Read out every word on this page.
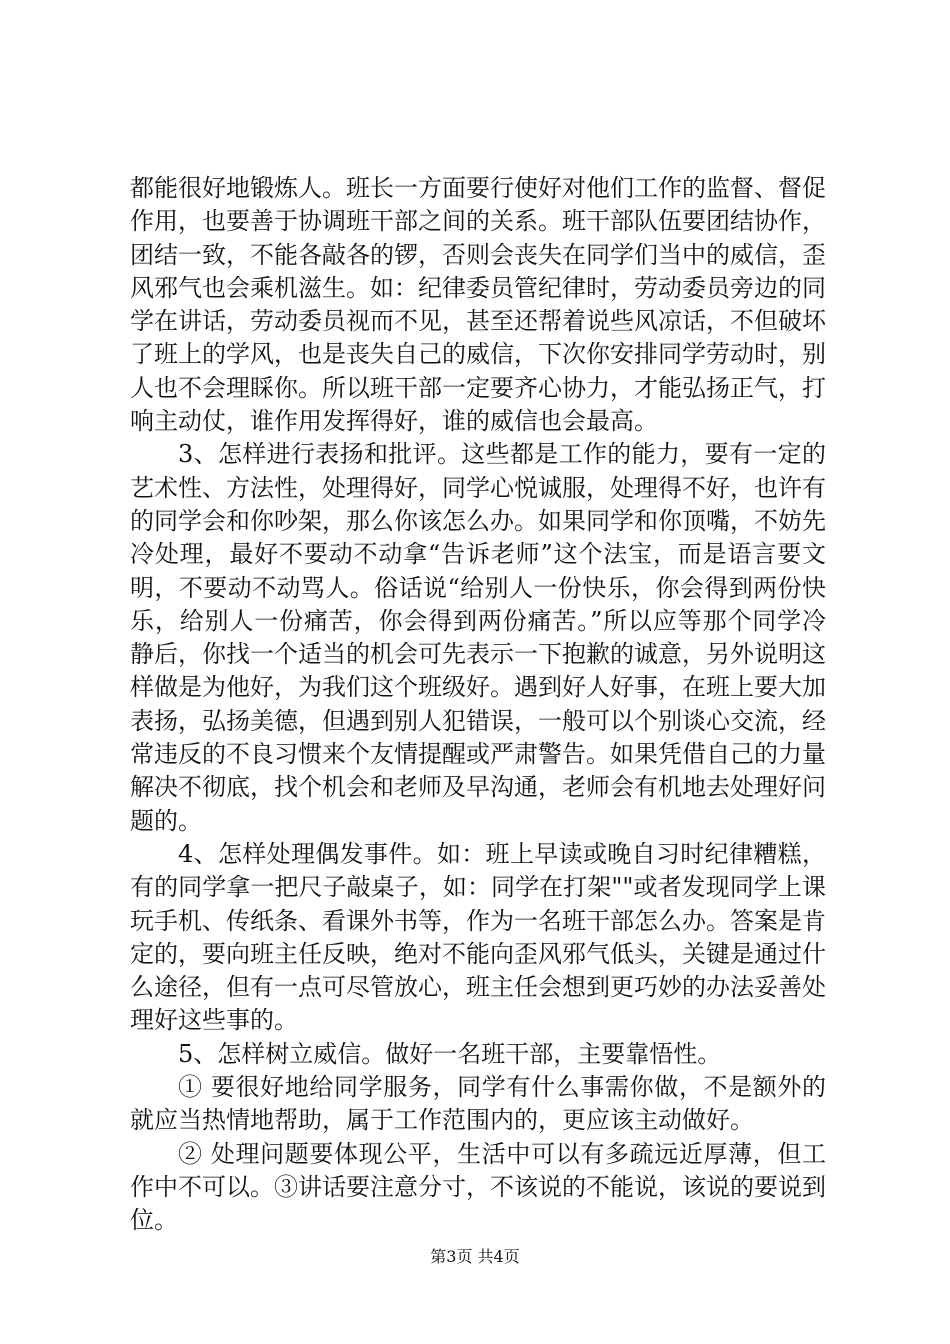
都能很好地锻炼人。班长一方面要行使好对他们工作的监督、督促作用，也要善于协调班干部之间的关系。班干部队伍要团结协作，团结一致，不能各敲各的锣，否则会丧失在同学们当中的威信，歪风邪气也会乘机滋生。如：纪律委员管纪律时，劳动委员旁边的同学在讲话，劳动委员视而不见，甚至还帮着说些风凉话，不但破坏了班上的学风，也是丧失自己的威信，下次你安排同学劳动时，别人也不会理睬你。所以班干部一定要齐心协力，才能弘扬正气，打响主动仗，谁作用发挥得好，谁的威信也会最高。

3、怎样进行表扬和批评。这些都是工作的能力，要有一定的艺术性、方法性，处理得好，同学心悦诚服，处理得不好，也许有的同学会和你吵架，那么你该怎么办。如果同学和你顶嘴，不妨先冷处理，最好不要动不动拿“告诉老师”这个法宝，而是语言要文明，不要动不动骂人。俗话说“给别人一份快乐，你会得到两份快乐，给别人一份痛苦，你会得到两份痛苦。”所以应等那个同学冷静后，你找一个适当的机会可先表示一下抱歉的诚意，另外说明这样做是为他好，为我们这个班级好。遇到好人好事，在班上要大加表扬，弘扬美德，但遇到别人犯错误，一般可以个别谈心交流，经常违反的不良习惯来个友情提醒或严肃警告。如果凭借自己的力量解决不彻底，找个机会和老师及早沟通，老师会有机地去处理好问题的。

4、怎样处理偶发事件。如：班上早读或晚自习时纪律糟糕，有的同学拿一把尺子敲桌子，如：同学在打架""或者发现同学上课玩手机、传纸条、看课外书等，作为一名班干部怎么办。答案是肯定的，要向班主任反映，绝对不能向歪风邪气低头，关键是通过什么途径，但有一点可尽管放心，班主任会想到更巧妙的办法妥善处理好这些事的。

5、怎样树立威信。做好一名班干部，主要靠悟性。

① 要很好地给同学服务，同学有什么事需你做，不是额外的就应当热情地帮助，属于工作范围内的，更应该主动做好。

② 处理问题要体现公平，生活中可以有多疏远近厚薄，但工作中不可以。③讲话要注意分寸，不该说的不能说，该说的要说到位。

第3页 共4页
